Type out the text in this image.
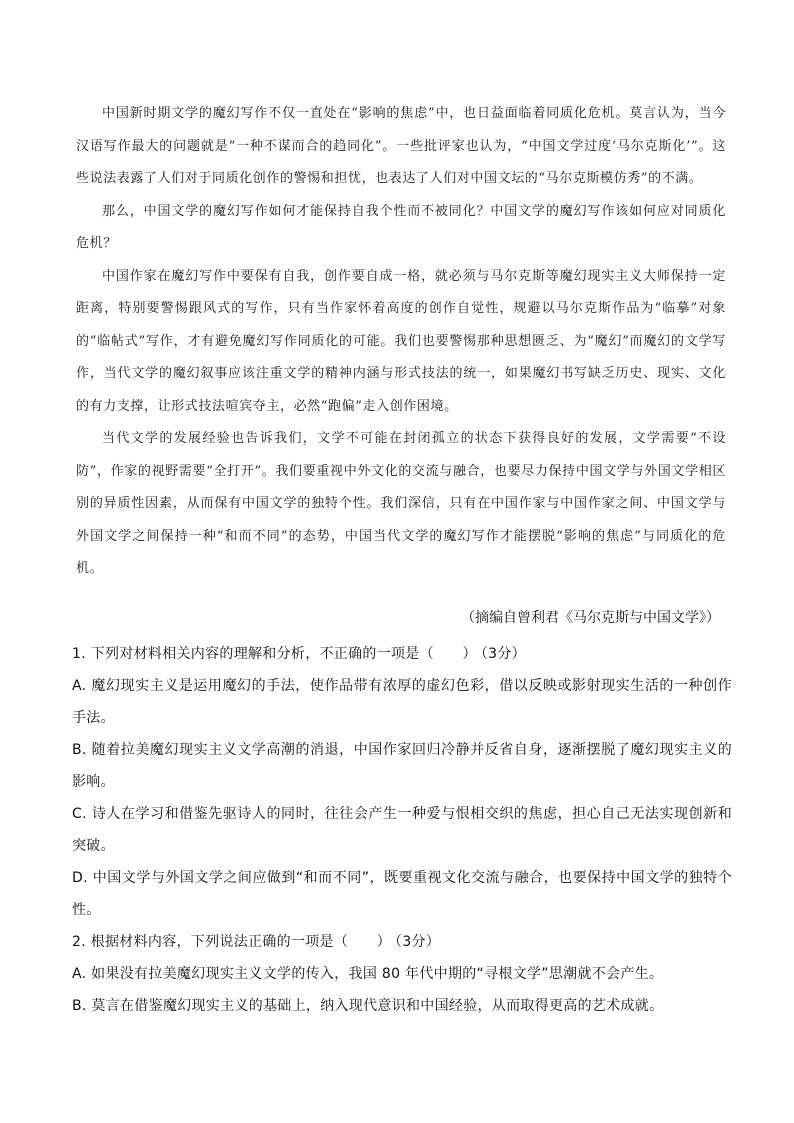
中国新时期文学的魔幻写作不仅一直处在“影响的焦虑”中，也日益面临着同质化危机。莫言认为，当今汉语写作最大的问题就是“一种不谋而合的趋同化”。一些批评家也认为，“中国文学过度‘马尔克斯化’”。这些说法表露了人们对于同质化创作的警惕和担忧，也表达了人们对中国文坛的“马尔克斯模仿秀”的不满。

那么，中国文学的魔幻写作如何才能保持自我个性而不被同化？中国文学的魔幻写作该如何应对同质化危机？

中国作家在魔幻写作中要保有自我，创作要自成一格，就必须与马尔克斯等魔幻现实主义大师保持一定距离，特别要警惕跟风式的写作，只有当作家怀着高度的创作自觉性，规避以马尔克斯作品为“临摹”对象的“临帖式”写作，才有避免魔幻写作同质化的可能。我们也要警惕那种思想匮乏、为“魔幻”而魔幻的文学写作，当代文学的魔幻叙事应该注重文学的精神内涵与形式技法的统一，如果魔幻书写缺乏历史、现实、文化的有力支撑，让形式技法喧宾夺主，必然“跑偏”走入创作困境。

当代文学的发展经验也告诉我们，文学不可能在封闭孤立的状态下获得良好的发展，文学需要“不设防”，作家的视野需要“全打开”。我们要重视中外文化的交流与融合，也要尽力保持中国文学与外国文学相区别的异质性因素，从而保有中国文学的独特个性。我们深信，只有在中国作家与中国作家之间、中国文学与外国文学之间保持一种“和而不同”的态势，中国当代文学的魔幻写作才能摆脱“影响的焦虑”与同质化的危机。

（摘编自曾利君《马尔克斯与中国文学》）

1. 下列对材料相关内容的理解和分析，不正确的一项是（　　） （3分）

A. 魔幻现实主义是运用魔幻的手法，使作品带有浓厚的虚幻色彩，借以反映或影射现实生活的一种创作手法。

B. 随着拉美魔幻现实主义文学高潮的消退，中国作家回归冷静并反省自身，逐渐摆脱了魔幻现实主义的影响。

C. 诗人在学习和借鉴先驱诗人的同时，往往会产生一种爱与恨相交织的焦虑，担心自己无法实现创新和突破。

D. 中国文学与外国文学之间应做到“和而不同”，既要重视文化交流与融合，也要保持中国文学的独特个性。

2. 根据材料内容，下列说法正确的一项是（　　） （3分）

A. 如果没有拉美魔幻现实主义文学的传入，我国 80 年代中期的“寻根文学”思潮就不会产生。

B. 莫言在借鉴魔幻现实主义的基础上，纳入现代意识和中国经验，从而取得更高的艺术成就。
